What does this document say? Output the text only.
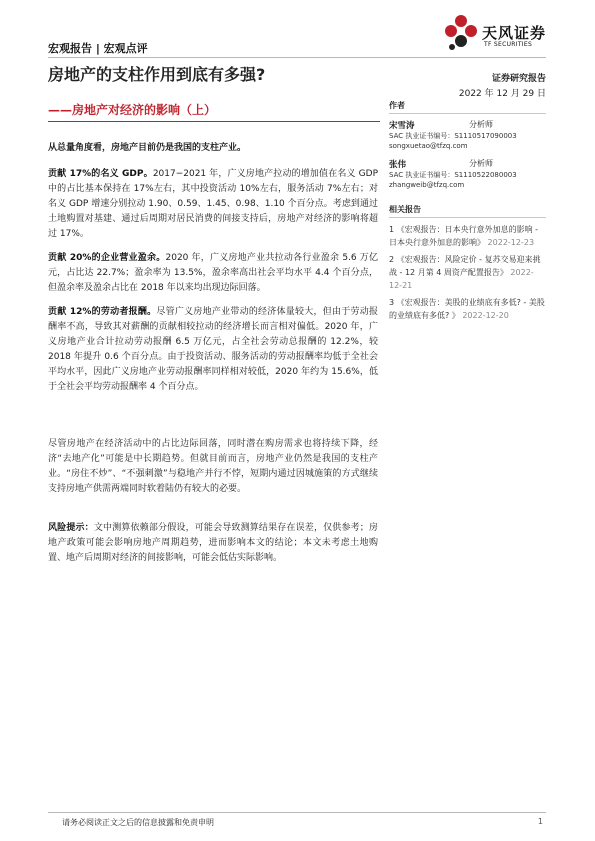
宏观报告 | 宏观点评
天风证券
TF SECURITIES
房地产的支柱作用到底有多强?	证券研究报告
2022 年 12 月 29 日
——房地产对经济的影响（上）

从总量角度看，房地产目前仍是我国的支柱产业。

贡献 17%的名义 GDP。2017−2021 年，广义房地产拉动的增加值在名义 GDP 中的占比基本保持在 17%左右，其中投资活动 10%左右，服务活动 7%左右；对名义 GDP 增速分别拉动 1.90、0.59、1.45、0.98、1.10 个百分点。考虑到通过土地购置对基建、通过后周期对居民消费的间接支持后，房地产对经济的影响将超过 17%。

贡献 20%的企业营业盈余。2020 年，广义房地产业共拉动各行业盈余 5.6 万亿元，占比达 22.7%；盈余率为 13.5%，盈余率高出社会平均水平 4.4 个百分点，但盈余率及盈余占比在 2018 年以来均出现边际回落。

贡献 12%的劳动者报酬。尽管广义房地产业带动的经济体量较大，但由于劳动报酬率不高，导致其对薪酬的贡献相较拉动的经济增长而言相对偏低。2020 年，广义房地产业合计拉动劳动报酬 6.5 万亿元，占全社会劳动总报酬的 12.2%，较 2018 年提升 0.6 个百分点。由于投资活动、服务活动的劳动报酬率均低于全社会平均水平，因此广义房地产业劳动报酬率同样相对较低，2020 年约为 15.6%，低于全社会平均劳动报酬率 4 个百分点。

尽管房地产在经济活动中的占比边际回落，同时潜在购房需求也将持续下降，经济“去地产化”可能是中长期趋势。但就目前而言，房地产业仍然是我国的支柱产业。“房住不炒”、“不强刺激”与稳地产并行不悖，短期内通过因城施策的方式继续支持房地产供需两端同时软着陆仍有较大的必要。

风险提示：文中测算依赖部分假设，可能会导致测算结果存在误差，仅供参考；房地产政策可能会影响房地产周期趋势，进而影响本文的结论；本文未考虑土地购置、地产后周期对经济的间接影响，可能会低估实际影响。

作者
宋雪涛	分析师
SAC 执业证书编号：S1110517090003
songxuetao@tfzq.com
张伟	分析师
SAC 执业证书编号：S1110522080003
zhangweib@tfzq.com
相关报告
1 《宏观报告：日本央行意外加息的影响 - 日本央行意外加息的影响》 2022-12-23
2 《宏观报告：风险定价 - 复苏交易迎来挑战 - 12 月第 4 周资产配置报告》 2022-12-21
3 《宏观报告：美股的业绩底有多低? - 美股的业绩底有多低? 》 2022-12-20
请务必阅读正文之后的信息披露和免责申明	1
